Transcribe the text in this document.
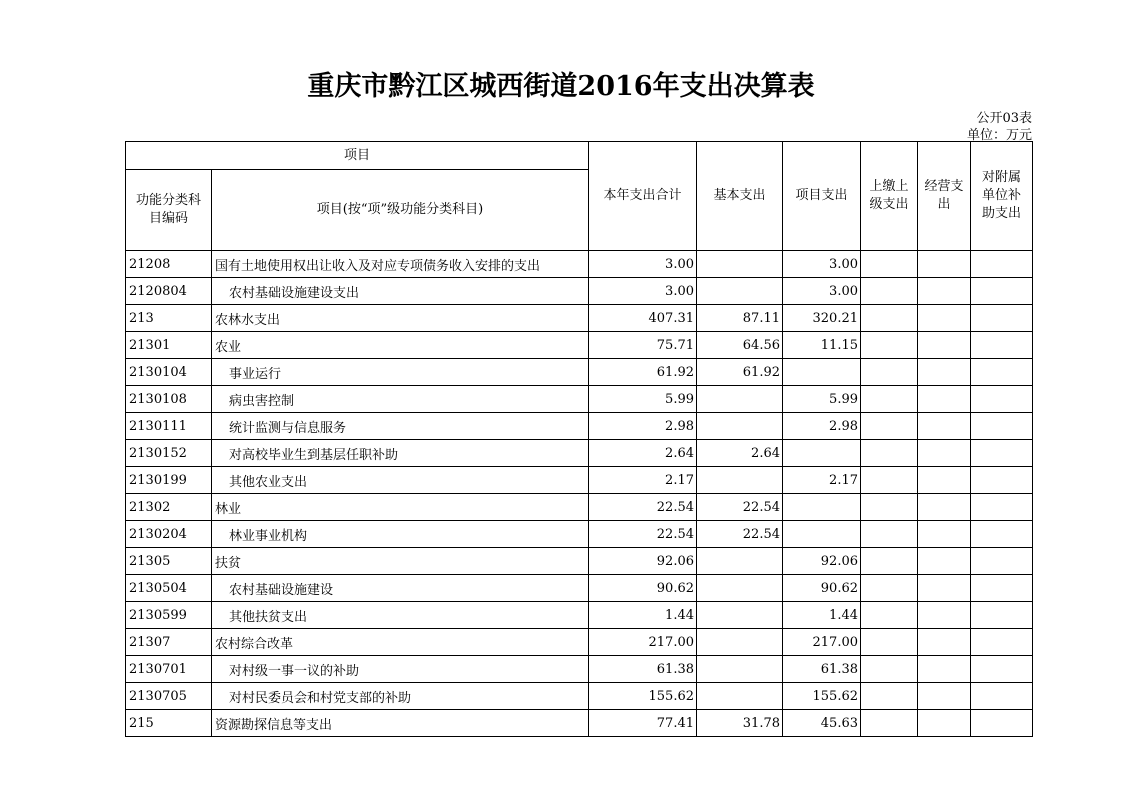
重庆市黔江区城西街道2016年支出决算表
公开03表
单位：万元
项目		本年支出合计	基本支出	项目支出	上缴上级支出	经营支出	对附属单位补助支出
功能分类科目编码	项目(按“项”级功能分类科目)						
21208	国有土地使用权出让收入及对应专项债务收入安排的支出	3.00		3.00			
2120804	农村基础设施建设支出	3.00		3.00			
213	农林水支出	407.31	87.11	320.21			
21301	农业	75.71	64.56	11.15			
2130104	事业运行	61.92	61.92				
2130108	病虫害控制	5.99		5.99			
2130111	统计监测与信息服务	2.98		2.98			
2130152	对高校毕业生到基层任职补助	2.64	2.64				
2130199	其他农业支出	2.17		2.17			
21302	林业	22.54	22.54				
2130204	林业事业机构	22.54	22.54				
21305	扶贫	92.06		92.06			
2130504	农村基础设施建设	90.62		90.62			
2130599	其他扶贫支出	1.44		1.44			
21307	农村综合改革	217.00		217.00			
2130701	对村级一事一议的补助	61.38		61.38			
2130705	对村民委员会和村党支部的补助	155.62		155.62			
215	资源勘探信息等支出	77.41	31.78	45.63			
